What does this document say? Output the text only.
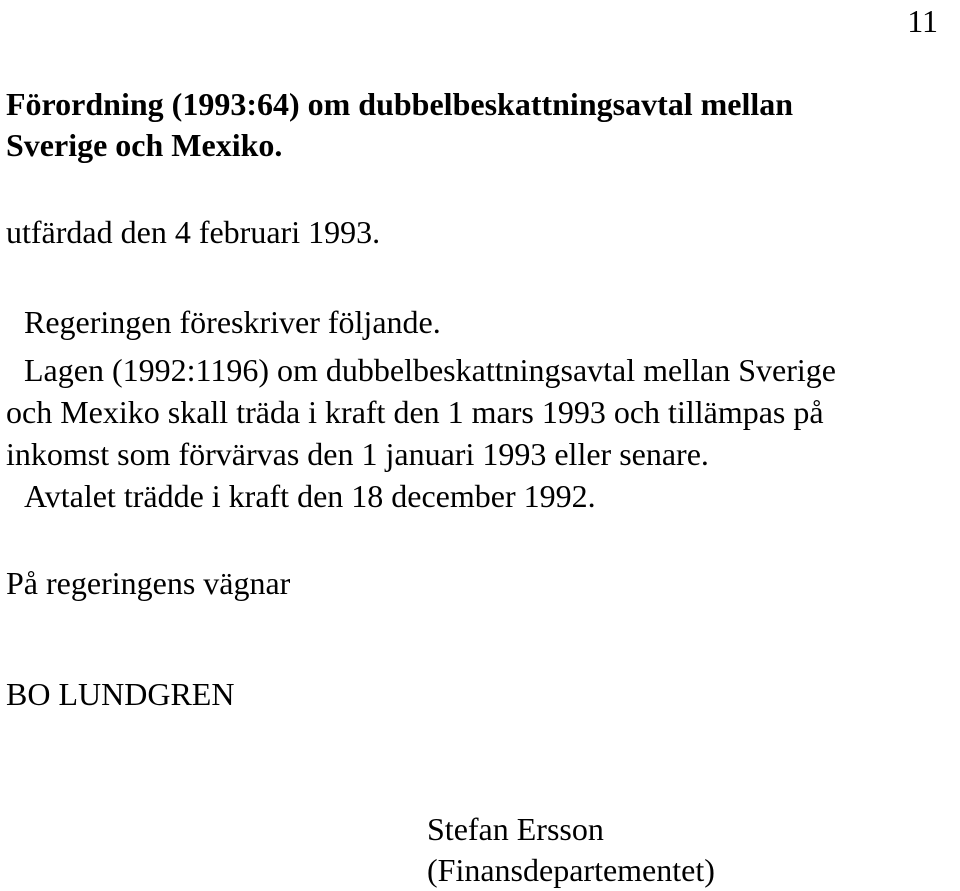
11
Förordning (1993:64) om dubbelbeskattningsavtal mellan
Sverige och Mexiko.
utfärdad den 4 februari 1993.
Regeringen föreskriver följande.
Lagen (1992:1196) om dubbelbeskattningsavtal mellan Sverige
och Mexiko skall träda i kraft den 1 mars 1993 och tillämpas på
inkomst som förvärvas den 1 januari 1993 eller senare.
Avtalet trädde i kraft den 18 december 1992.
På regeringens vägnar
BO LUNDGREN
Stefan Ersson
(Finansdepartementet)
